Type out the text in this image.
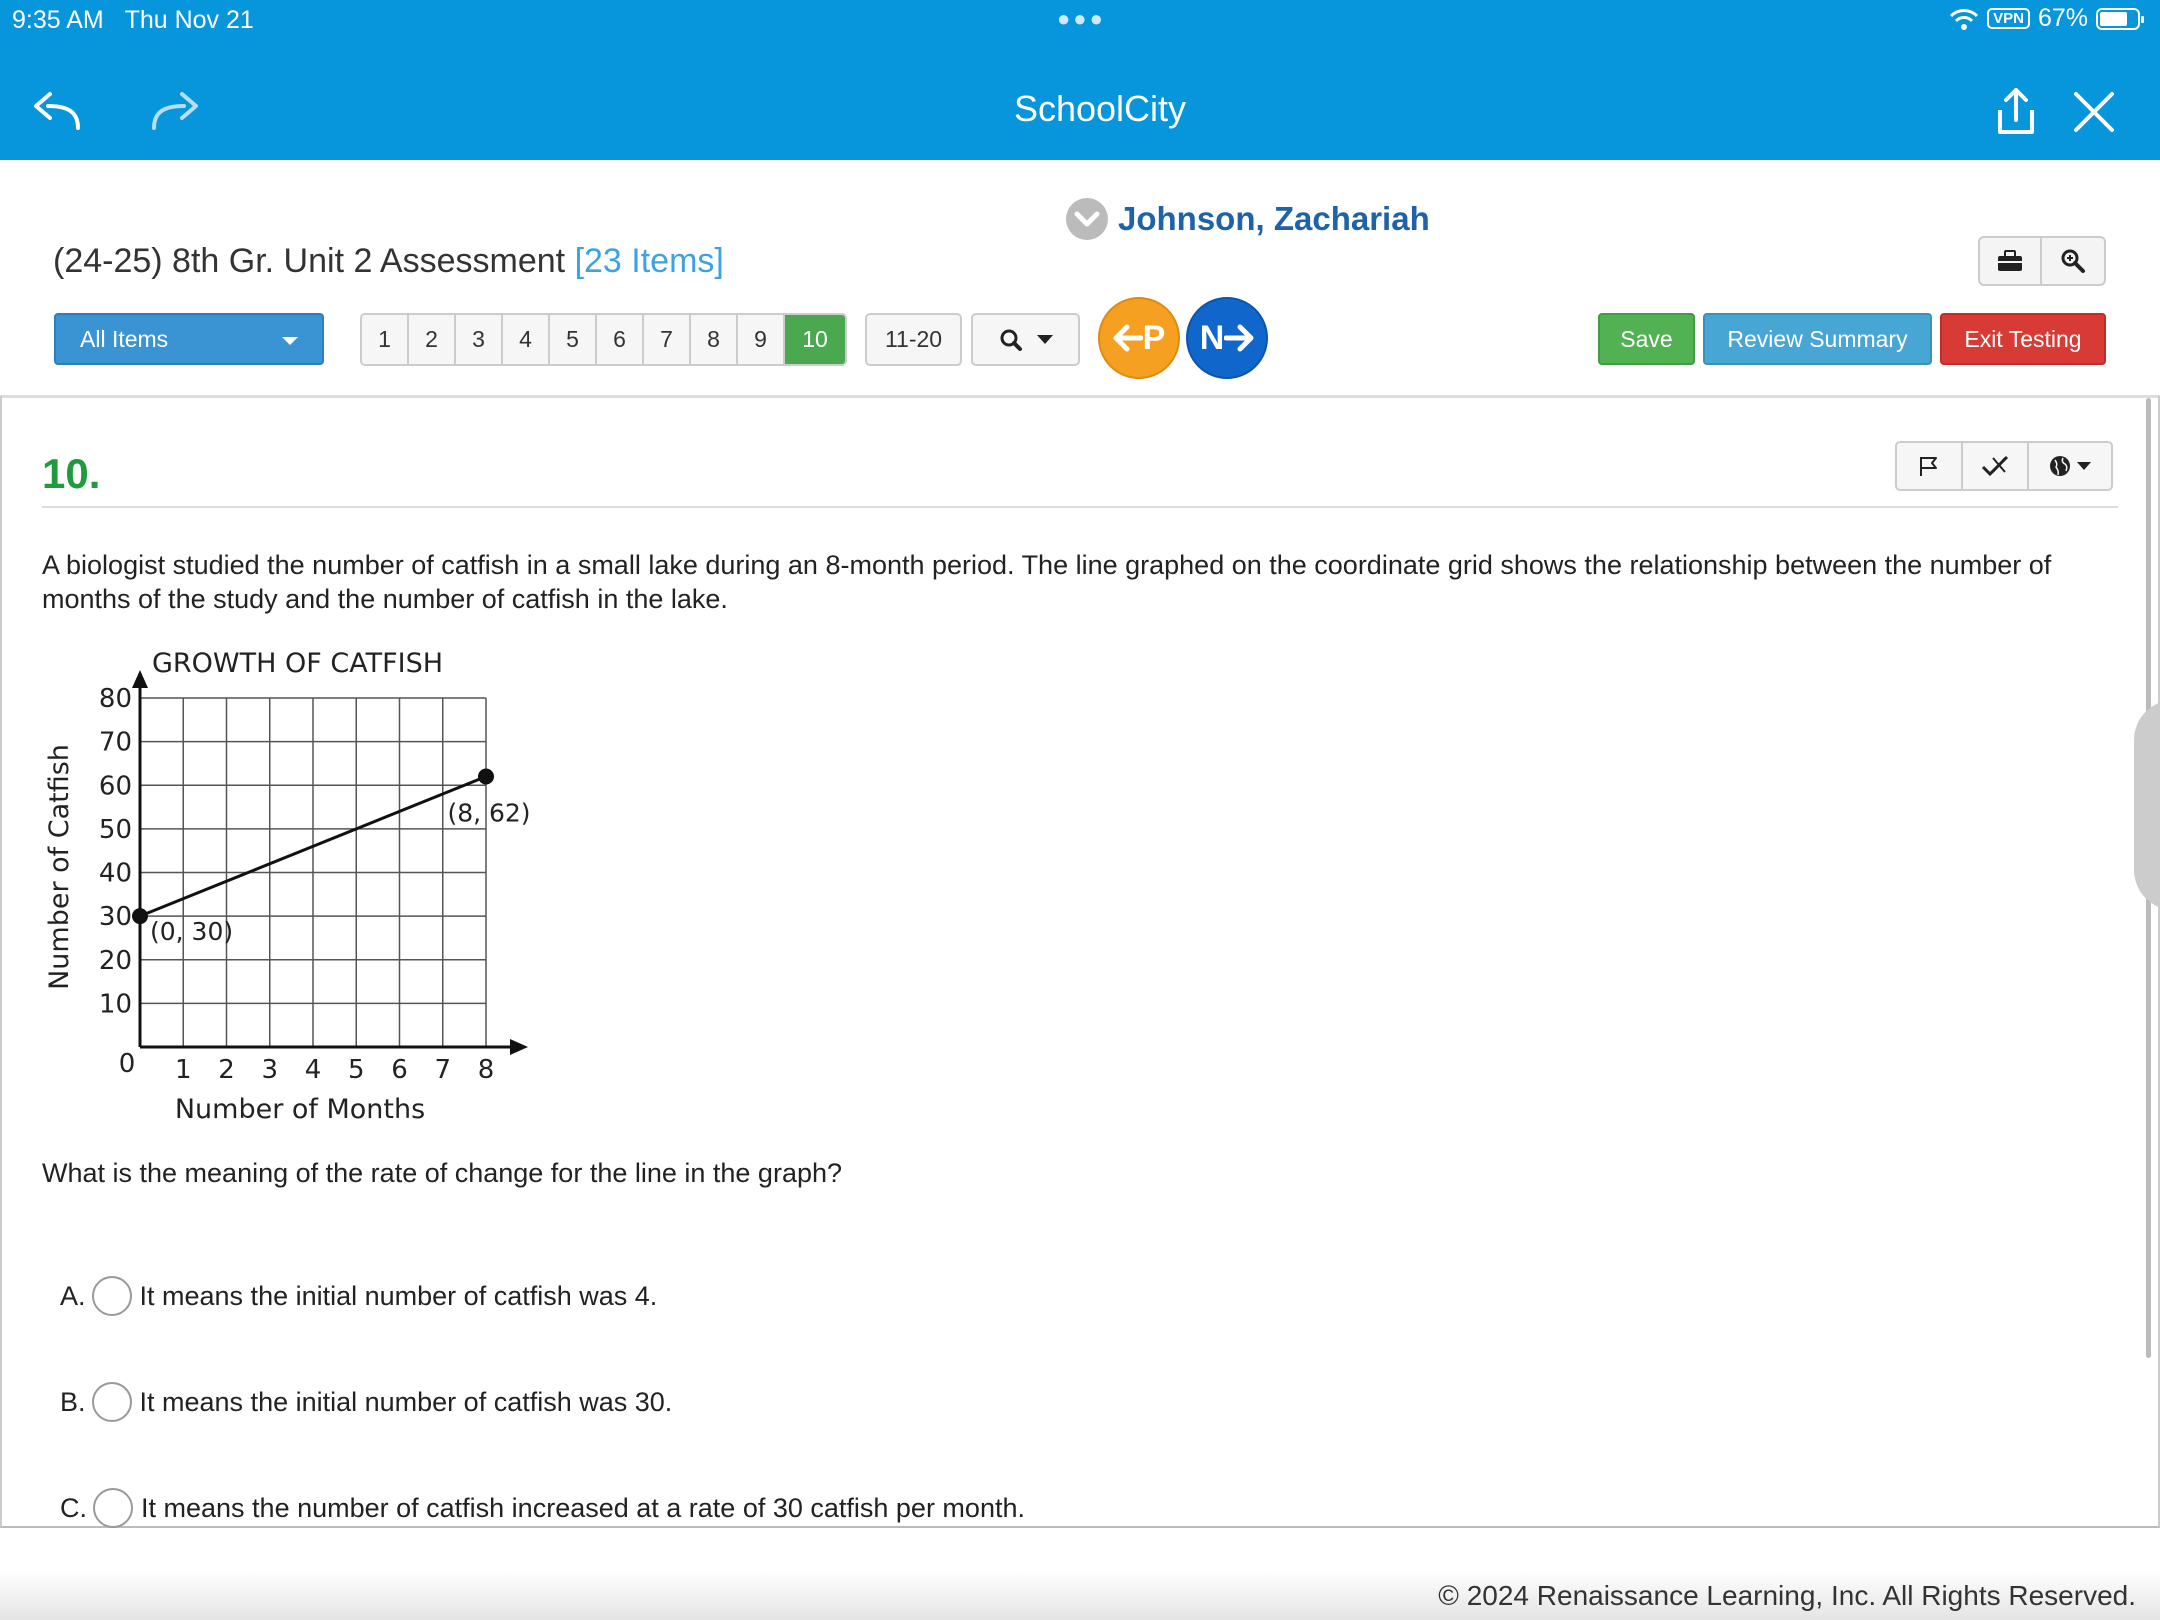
9:35 AM Thu Nov 21	●●●	VPN 67%
SchoolCity
Johnson, Zachariah
(24-25) 8th Gr. Unit 2 Assessment [23 Items]
All Items	1	2	3	4	5	6	7	8	9	10	11-20	P N	Save	Review Summary	Exit Testing
10.
A biologist studied the number of catfish in a small lake during an 8-month period. The line graphed on the coordinate grid shows the relationship between the number of months of the study and the number of catfish in the lake.
GROWTH OF CATFISH
Number of Catfish
Number of Months
0 1 2 3 4 5 6 7 8
10
20
30
40
50
60
70
80
(0, 30)
(8, 62)
What is the meaning of the rate of change for the line in the graph?
A. It means the initial number of catfish was 4.
B. It means the initial number of catfish was 30.
C. It means the number of catfish increased at a rate of 30 catfish per month.
© 2024 Renaissance Learning, Inc. All Rights Reserved.
